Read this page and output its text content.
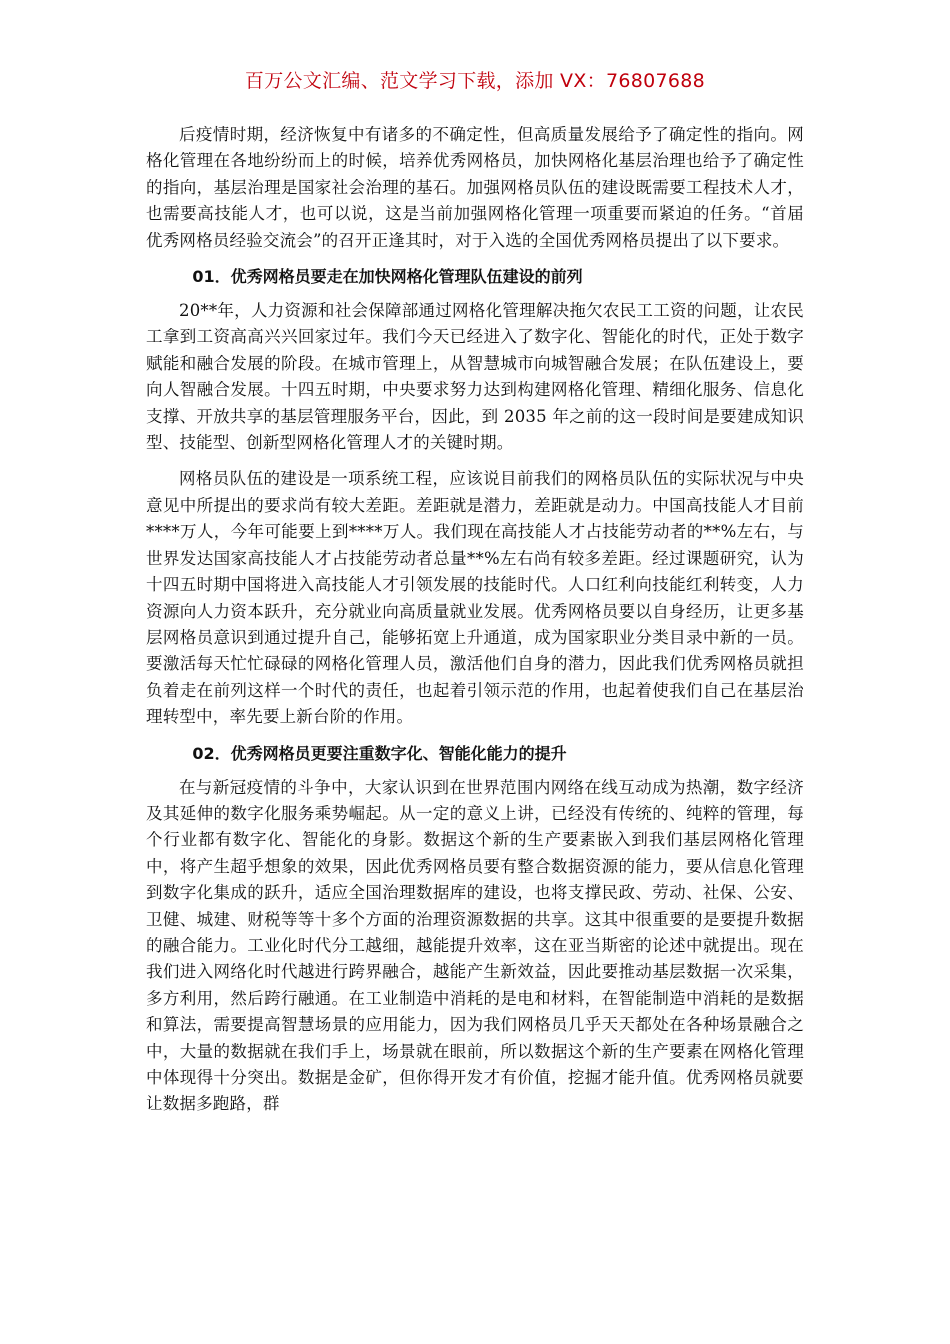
百万公文汇编、范文学习下载，添加 VX：76807688

后疫情时期，经济恢复中有诸多的不确定性，但高质量发展给予了确定性的指向。网格化管理在各地纷纷而上的时候，培养优秀网格员，加快网格化基层治理也给予了确定性的指向，基层治理是国家社会治理的基石。加强网格员队伍的建设既需要工程技术人才，也需要高技能人才，也可以说，这是当前加强网格化管理一项重要而紧迫的任务。“首届优秀网格员经验交流会”的召开正逢其时，对于入选的全国优秀网格员提出了以下要求。

01．优秀网格员要走在加快网格化管理队伍建设的前列

20**年，人力资源和社会保障部通过网格化管理解决拖欠农民工工资的问题，让农民工拿到工资高高兴兴回家过年。我们今天已经进入了数字化、智能化的时代，正处于数字赋能和融合发展的阶段。在城市管理上，从智慧城市向城智融合发展；在队伍建设上，要向人智融合发展。十四五时期，中央要求努力达到构建网格化管理、精细化服务、信息化支撑、开放共享的基层管理服务平台，因此，到 2035 年之前的这一段时间是要建成知识型、技能型、创新型网格化管理人才的关键时期。

网格员队伍的建设是一项系统工程，应该说目前我们的网格员队伍的实际状况与中央意见中所提出的要求尚有较大差距。差距就是潜力，差距就是动力。中国高技能人才目前****万人，今年可能要上到****万人。我们现在高技能人才占技能劳动者的**%左右，与世界发达国家高技能人才占技能劳动者总量**%左右尚有较多差距。经过课题研究，认为十四五时期中国将进入高技能人才引领发展的技能时代。人口红利向技能红利转变，人力资源向人力资本跃升，充分就业向高质量就业发展。优秀网格员要以自身经历，让更多基层网格员意识到通过提升自己，能够拓宽上升通道，成为国家职业分类目录中新的一员。要激活每天忙忙碌碌的网格化管理人员，激活他们自身的潜力，因此我们优秀网格员就担负着走在前列这样一个时代的责任，也起着引领示范的作用，也起着使我们自己在基层治理转型中，率先要上新台阶的作用。

02．优秀网格员更要注重数字化、智能化能力的提升

在与新冠疫情的斗争中，大家认识到在世界范围内网络在线互动成为热潮，数字经济及其延伸的数字化服务乘势崛起。从一定的意义上讲，已经没有传统的、纯粹的管理，每个行业都有数字化、智能化的身影。数据这个新的生产要素嵌入到我们基层网格化管理中，将产生超乎想象的效果，因此优秀网格员要有整合数据资源的能力，要从信息化管理到数字化集成的跃升，适应全国治理数据库的建设，也将支撑民政、劳动、社保、公安、卫健、城建、财税等等十多个方面的治理资源数据的共享。这其中很重要的是要提升数据的融合能力。工业化时代分工越细，越能提升效率，这在亚当斯密的论述中就提出。现在我们进入网络化时代越进行跨界融合，越能产生新效益，因此要推动基层数据一次采集，多方利用，然后跨行融通。在工业制造中消耗的是电和材料，在智能制造中消耗的是数据和算法，需要提高智慧场景的应用能力，因为我们网格员几乎天天都处在各种场景融合之中，大量的数据就在我们手上，场景就在眼前，所以数据这个新的生产要素在网格化管理中体现得十分突出。数据是金矿，但你得开发才有价值，挖掘才能升值。优秀网格员就要让数据多跑路，群
